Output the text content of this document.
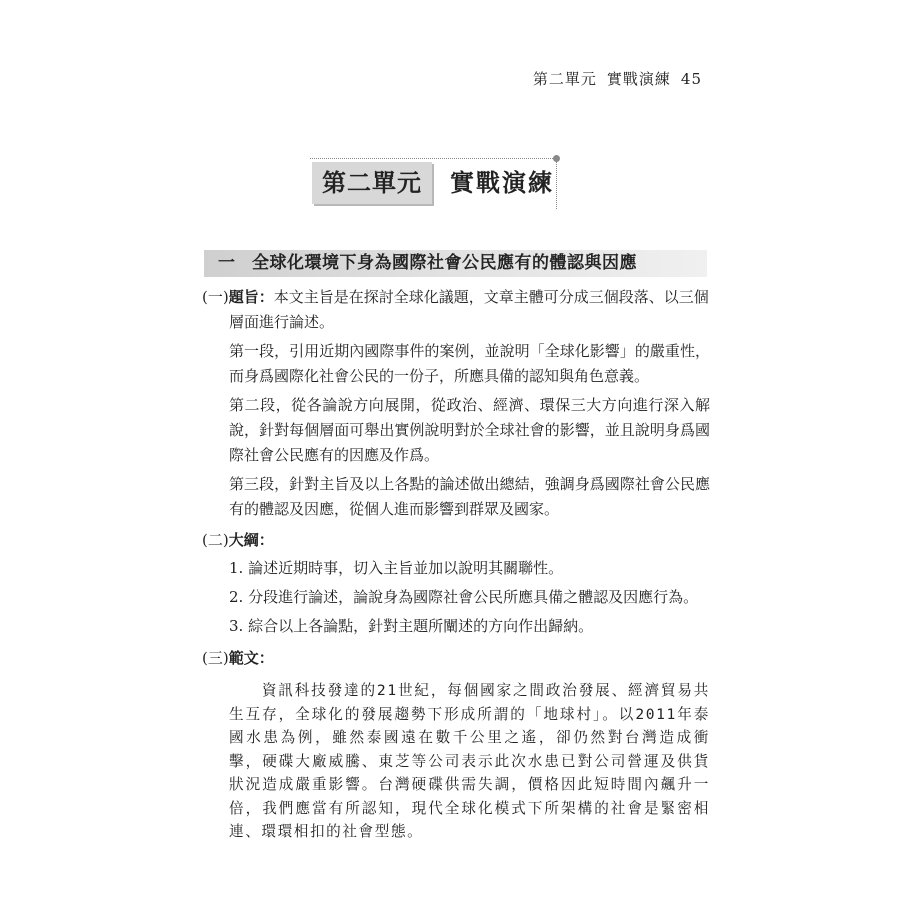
第二單元 實戰演練 45
第二單元	實戰演練
一 全球化環境下身為國際社會公民應有的體認與因應
(一)題旨：本文主旨是在探討全球化議題，文章主體可分成三個段落、以三個
層面進行論述。
第一段，引用近期內國際事件的案例，並說明「全球化影響」的嚴重性，而身爲國際化社會公民的一份子，所應具備的認知與角色意義。
第二段，從各論說方向展開，從政治、經濟、環保三大方向進行深入解說，針對每個層面可舉出實例說明對於全球社會的影響，並且說明身爲國際社會公民應有的因應及作爲。
第三段，針對主旨及以上各點的論述做出總結，強調身爲國際社會公民應有的體認及因應，從個人進而影響到群眾及國家。
(二)大綱：
1. 論述近期時事，切入主旨並加以說明其關聯性。
2. 分段進行論述，論說身為國際社會公民所應具備之體認及因應行為。
3. 綜合以上各論點，針對主題所闡述的方向作出歸納。
(三)範文：
　　資訊科技發達的21世紀，每個國家之間政治發展、經濟貿易共生互存，全球化的發展趨勢下形成所謂的「地球村」。以2011年泰國水患為例，雖然泰國遠在數千公里之遙，卻仍然對台灣造成衝擊，硬碟大廠威騰、東芝等公司表示此次水患已對公司營運及供貨狀況造成嚴重影響。台灣硬碟供需失調，價格因此短時間內飆升一倍，我們應當有所認知，現代全球化模式下所架構的社會是緊密相連、環環相扣的社會型態。
